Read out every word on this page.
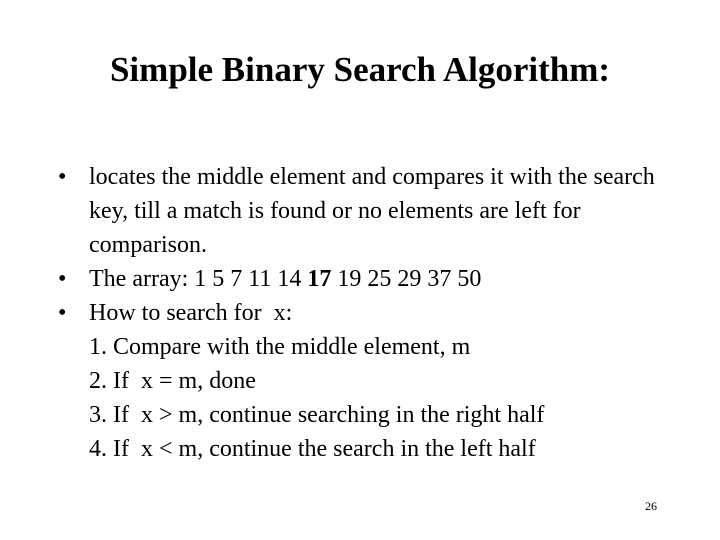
Simple Binary Search Algorithm:
• locates the middle element and compares it with the search key, till a match is found or no elements are left for comparison.
• The array: 1 5 7 11 14 17 19 25 29 37 50
• How to search for  x:
1. Compare with the middle element, m
2. If  x = m, done
3. If  x > m, continue searching in the right half
4. If  x < m, continue the search in the left half
26
